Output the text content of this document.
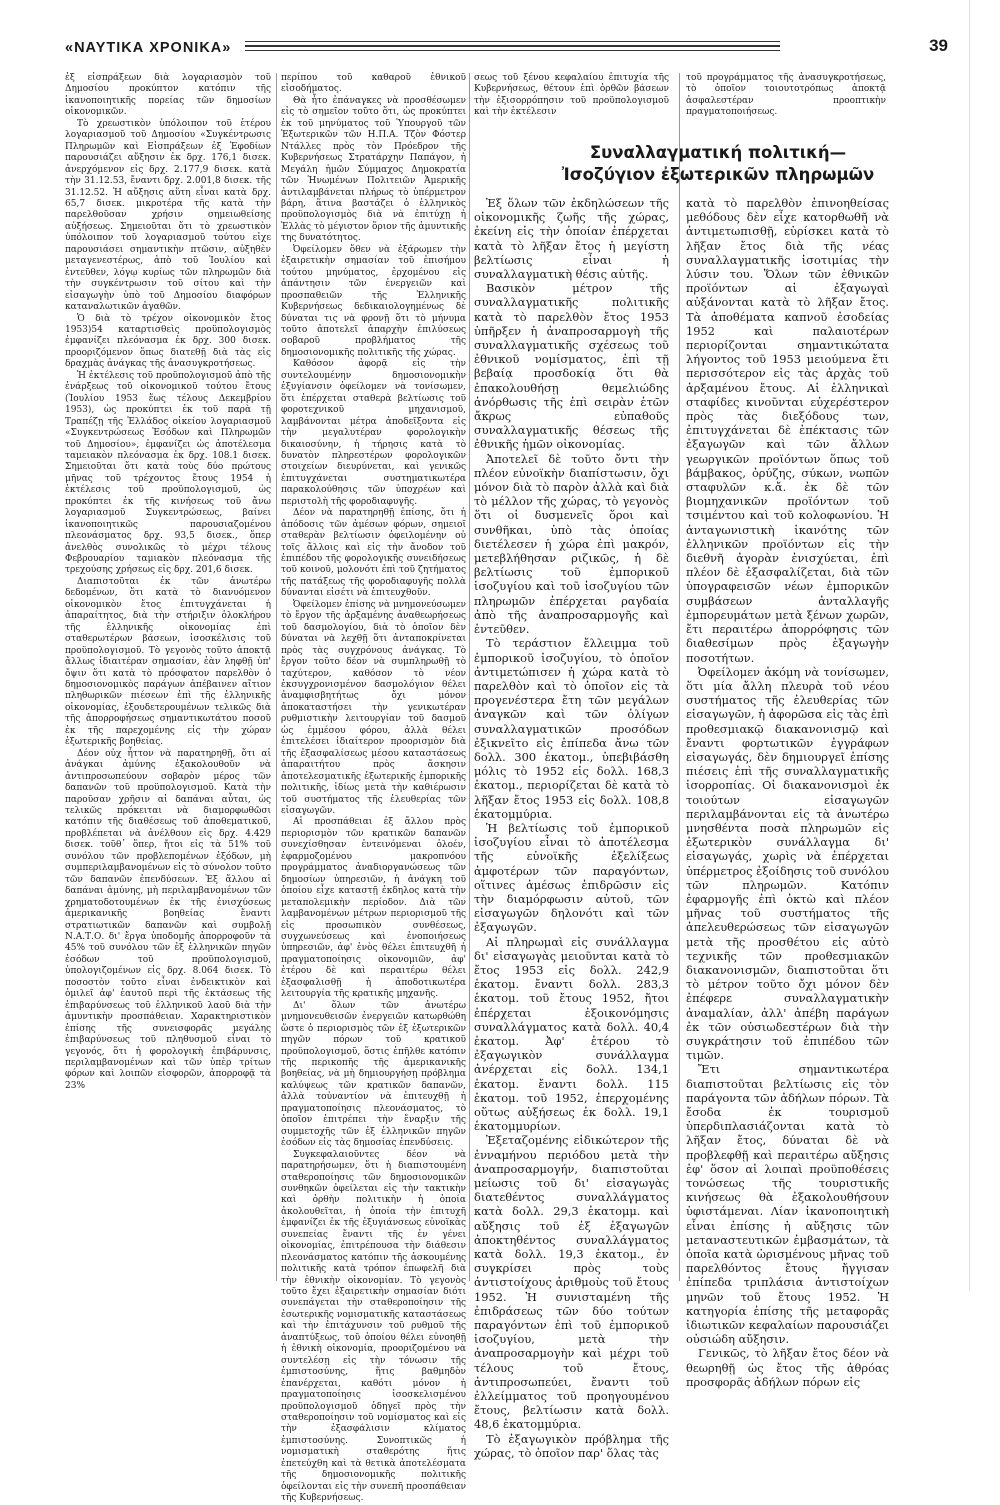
«ΝΑΥΤΙΚΑ ΧΡΟΝΙΚΑ»	39

ἐξ εἰσπράξεων διὰ λογαριασμὸν τοῦ Δημοσίου προκύπτον κατόπιν τῆς ἱκανοποιητικῆς πορείας τῶν δημοσίων οἰκονομικῶν.

Τὸ χρεωστικὸν ὑπόλοιπον τοῦ ἑτέρου λογαριασμοῦ τοῦ Δημοσίου «Συγκέντρωσις Πληρωμῶν καὶ Εἰσπράξεων ἐξ Ἐφοδίων παρουσιάζει αὔξησιν ἐκ δρχ. 176,1 δισεκ. ἀνερχόμενον εἰς δρχ. 2.177,9 δισεκ. κατὰ τὴν 31.12.53, ἔναντι δρχ. 2.001,8 δισεκ. τῆς 31.12.52. Ἡ αὔξησις αὕτη εἶναι κατὰ δρχ. 65,7 δισεκ. μικροτέρα τῆς κατὰ τὴν παρελθοῦσαν χρήσιν σημειωθείσης αὐξήσεως. Σημειοῦται ὅτι τὸ χρεωστικὸν ὑπόλοιπον τοῦ λογαριασμοῦ τούτου εἰχε παρουσιάσει σημαντικὴν πτῶσιν, αὐξηθὲν μεταγενεστέρως, ἀπὸ τοῦ Ἰουλίου καὶ ἐντεῦθεν, λόγῳ κυρίως τῶν πληρωμῶν διὰ τὴν συγκέντρωσιν τοῦ σίτου καὶ τὴν εἰσαγωγὴν ὑπὸ τοῦ Δημοσίου διαφόρων καταναλωτικῶν ἀγαθῶν.

Ὁ διὰ τὸ τρέχον οἰκονομικὸν ἔτος 1953)54 καταρτισθεὶς προϋπολογισμὸς ἐμφανίζει πλεόνασμα ἐκ δρχ. 300 δισεκ. προοριζόμενον ὅπως διατεθῇ διὰ τὰς εἰς δραχμὰς ἀνάγκας τῆς ἀνασυγκροτήσεως.

Ἡ ἐκτέλεσις τοῦ προϋπολογισμοῦ ἀπὸ τῆς ἐνάρξεως τοῦ οἰκονομικοῦ τούτου ἔτους (Ἰουλίου 1953 ἕως τέλους Δεκεμβρίου 1953), ὡς προκύπτει ἐκ τοῦ παρὰ τῇ Τραπέζῃ τῆς Ἑλλάδος οἰκείου λογαριασμοῦ «Συγκεντρώσεως Ἐσόδων καὶ Πληρωμῶν τοῦ Δημοσίου», ἐμφανίζει ὡς ἀποτέλεσμα ταμειακὸν πλεόνασμα ἐκ δρχ. 108.1 δισεκ. Σημειοῦται ὅτι κατὰ τοὺς δύο πρώτους μῆνας τοῦ τρέχοντος ἔτους 1954 ἡ ἐκτέλεσις τοῦ προϋπολογισμοῦ, ὡς προκύπτει ἐκ τῆς κινήσεως τοῦ ἄνω λογαριασμοῦ Συγκεντρώσεως, βαίνει ἱκανοποιητικῶς παρουσιαζομένου πλεονάσματος δρχ. 93,5 δισεκ., ὅπερ ἀνελθὸς συνολικῶς τὸ μέχρι τέλους Φεβρουαρίου ταμιακὸν πλεόνασμα τῆς τρεχούσης χρήσεως εἰς δρχ. 201,6 δισεκ.

Διαπιστοῦται ἐκ τῶν ἀνωτέρω δεδομένων, ὅτι κατὰ τὸ διανυόμενον οἰκονομικὸν ἔτος ἐπιτυγχάνεται ἡ ἀπαραίτητος, διὰ τὴν στήριξιν ὁλοκλήρου τῆς ἑλληνικῆς οἰκονομίας ἐπὶ σταθερωτέρων βάσεων, ἰσοσκέλισις τοῦ προϋπολογισμοῦ. Τὸ γεγονὸς τοῦτο ἀποκτᾷ ἄλλως ἰδιαιτέραν σημασίαν, ἐὰν ληφθῇ ὑπ' ὄψιν ὅτι κατὰ τὸ πρόσφατον παρελθὸν ὁ δημοσιονομικὸς παράγων ἀπέβαινεν αἴτιον πληθωρικῶν πιέσεων ἐπὶ τῆς ἑλληνικῆς οἰκονομίας, ἐξουδετερουμένων τελικῶς διὰ τῆς ἀπορροφήσεως σημαντικωτάτου ποσοῦ ἐκ τῆς παρεχομένης εἰς τὴν χώραν ἐξωτερικῆς βοηθείας.

Δέον οὐχ ἧττον νὰ παρατηρηθῇ, ὅτι αἱ ἀνάγκαι ἀμύνης ἐξακολουθοῦν νὰ ἀντιπροσωπεύουν σοβαρὸν μέρος τῶν δαπανῶν τοῦ προϋπολογισμοῦ. Κατὰ τὴν παροῦσαν χρῆσιν αἱ δαπάναι αὗται, ὡς τελικῶς πρόκειται νὰ διαμορφωθῶσι κατόπιν τῆς διαθέσεως τοῦ ἀποθεματικοῦ, προβλέπεται νὰ ἀνέλθουν εἰς δρχ. 4.429 δισεκ. τοῦθ᾽ ὅπερ, ἤτοι εἰς τὰ 51% τοῦ συνόλου τῶν προβλεπομένων ἐξόδων, μὴ συμπεριλαμβανομένων εἰς τὸ σύνολον τοῦτο τῶν δαπανῶν ἐπενδύσεων. Ἐξ ἄλλου αἱ δαπάναι ἀμύνης, μὴ περιλαμβανομένων τῶν χρηματοδοτουμένων ἐκ τῆς ἐνισχύσεως ἀμερικανικῆς βοηθείας ἔναντι στρατιωτικῶν δαπανῶν καὶ συμβολῇ Ν.Α.Τ.Ο. δι' ἔργα ὑποδομῆς ἀπορροφοῦν τὰ 45% τοῦ συνόλου τῶν ἐξ ἑλληνικῶν πηγῶν ἐσόδων τοῦ προϋπολογισμοῦ, ὑπολογιζομένων εἰς δρχ. 8.064 δισεκ. Τὸ ποσοστὸν τοῦτο εἶναι ἐνδεικτικὸν καὶ ὁμιλεῖ ἀφ' ἑαυτοῦ περὶ τῆς ἐκτάσεως τῆς ἐπιβαρύνσεως τοῦ ἑλληνικοῦ λαοῦ διὰ τὴν ἀμυντικὴν προσπάθειαν. Χαρακτηριστικὸν ἐπίσης τῆς συνεισφορᾶς μεγάλης ἐπιβαρύνσεως τοῦ πληθυσμοῦ εἶναι τὸ γεγονός, ὅτι ἡ φορολογικὴ ἐπιβάρυνσις, περιλαμβανομένων καὶ τῶν ὑπὲρ τρίτων φόρων καὶ λοιπῶν εἰσφορῶν, ἀπορροφᾷ τὰ 23%

περίπου τοῦ καθαροῦ ἐθνικοῦ εἰσοδήματος.

Θὰ ἦτο ἐπάναγκες νὰ προσθέσωμεν εἰς τὸ σημεῖον τοῦτο ὅτι, ὡς προκύπτει ἐκ τοῦ μηνύματος τοῦ Ὑπουργοῦ τῶν Ἐξωτερικῶν τῶν Η.Π.Α. Τζὸν Φόστερ Ντάλλες πρὸς τὸν Πρόεδρον τῆς Κυβερνήσεως Στρατάρχην Παπάγον, ἡ Μεγάλη ἡμῶν Σύμμαχος Δημοκρατία τῶν Ἡνωμένων Πολιτειῶν Ἀμερικῆς ἀντιλαμβάνεται πλήρως τὸ ὑπέρμετρον βάρη, ἅτινα βαστάζει ὁ ἑλληνικὸς προϋπολογισμὸς διὰ νὰ ἐπιτύχῃ ἡ Ἑλλὰς τὸ μέγιστον ὅριον τῆς ἀμυντικῆς της δυνατότητος.

Ὀφείλομεν ὅθεν νὰ ἐξάρωμεν τὴν ἐξαιρετικὴν σημασίαν τοῦ ἐπισήμου τούτου μηνύματος, ἐρχομένου εἰς ἀπάντησιν τῶν ἐνεργειῶν καὶ προσπαθειῶν τῆς Ἑλληνικῆς Κυβερνήσεως δεδικαιολογημένως δὲ δύναται τις νὰ φρονῇ ὅτι τὸ μήνυμα τοῦτο ἀποτελεῖ ἀπαρχὴν ἐπιλύσεως σοβαροῦ προβλήματος τῆς δημοσιονομικῆς πολιτικῆς τῆς χώρας.

Καθόσον ἀφορᾷ εἰς τὴν συντελουμένην δημοσιονομικὴν ἐξυγίανσιν ὀφείλομεν νὰ τονίσωμεν, ὅτι ἐπέρχεται σταθερὰ βελτίωσις τοῦ φοροτεχνικοῦ μηχανισμοῦ, λαμβάνονται μέτρα ἀποδεῖξοντα εἰς τὴν μεγαλυτέραν φορολογικὴν δικαιοσύνην, ἡ τήρησις κατὰ τὸ δυνατὸν πληρεστέρων φορολογικῶν στοιχείων διευρύνεται, καὶ γενικῶς ἐπιτυγχάνεται συστηματικωτέρα παρακολούθησις τῶν ὑποχρέων καὶ περιστολὴ τῆς φοροδιαφυγῆς.

Δέον νὰ παρατηρηθῇ ἐπίσης, ὅτι ἡ ἀπόδοσις τῶν ἀμέσων φόρων, σημειοῖ σταθερὰν βελτίωσιν ὀφειλομένην οὐ τοῖς ἄλλοις καὶ εἰς τὴν ἄνοδον τοῦ ἐπιπέδου τῆς φορολογικῆς συνειδήσεως τοῦ κοινοῦ, μολονότι ἐπὶ τοῦ ζητήματος τῆς πατάξεως τῆς φοροδιαφυγῆς πολλὰ δύνανται εἰσέτι νὰ ἐπιτευχθοῦν.

Ὀφείλομεν ἐπίσης νὰ μνημονεύσωμεν τὸ ἔργον τῆς ἀρξαμένης ἀναθεωρήσεως τοῦ δασμολογίου, διὰ τὸ ὁποῖον δὲν δύναται νὰ λεχθῇ ὅτι ἀνταποκρίνεται πρὸς τὰς συγχρόνους ἀνάγκας. Τὸ ἔργον τοῦτο δέον νὰ συμπληρωθῇ τὸ ταχύτερον, καθόσον τὸ νέον ἐκσυγχρονισμένον δασμολόγιον θέλει ἀναμφισβητήτως ὄχι μόνον ἀποκαταστήσει τὴν γενικωτέραν ρυθμιστικὴν λειτουργίαν τοῦ δασμοῦ ὡς ἐμμέσου φόρου, ἀλλὰ θέλει ἐπιτελέσει ἰδιαίτερον προορισμὸν διὰ τῆς ἐξασφαλίσεως μέσου καταστάσεως ἀπαραιτήτου πρὸς ἄσκησιν ἀποτελεσματικῆς ἐξωτερικῆς ἐμπορικῆς πολιτικῆς, ἰδίως μετὰ τὴν καθιέρωσιν τοῦ συστήματος τῆς ἐλευθερίας τῶν εἰσαγωγῶν.

Αἱ προσπάθειαι ἐξ ἄλλου πρὸς περιορισμὸν τῶν κρατικῶν δαπανῶν συνεχίσθησαν ἐντεινόμεναι ὁλοέν, ἐφαρμοζομένου μακροπνόου προγράμματος ἀναδιοργανώσεως τῶν δημοσίων ὑπηρεσιῶν, ἡ ἀνάγκη τοῦ ὁποίου εἶχε καταστῇ ἐκδηλος κατὰ τὴν μεταπολεμικὴν περίοδον. Διὰ τῶν λαμβανομένων μέτρων περιορισμοῦ τῆς εἰς προσωπικὸν συνθέσεως, συγχωνεύσεως καὶ ἑνοποιήσεως ὑπηρεσιῶν, ἀφ' ἑνὸς θέλει ἐπιτευχθῆ ἡ πραγματοποίησις οἰκονομιῶν, ἀφ' ἑτέρου δὲ καὶ περαιτέρω θέλει ἐξασφαλισθῇ ἡ ἀποδοτικωτέρα λειτουργία τῆς κρατικῆς μηχανῆς.

Δι' ὅλων τῶν ἀνωτέρω μνημονευθεισῶν ἐνεργειῶν κατωρθώθη ὥστε ὁ περιορισμὸς τῶν ἐξ ἐξωτερικῶν πηγῶν πόρων τοῦ κρατικοῦ προϋπολογισμοῦ, ὅστις ἐπῆλθε κατόπιν τῆς περικοπῆς τῆς ἀμερικανικῆς βοηθείας, νὰ μὴ δημιουργήσῃ πρόβλημα καλύψεως τῶν κρατικῶν δαπανῶν, ἀλλὰ τοὐναντίον νὰ ἐπιτευχθῇ ἡ πραγματοποίησις πλεονάσματος, τὸ ὁποῖον ἐπιτρέπει τὴν ἔναρξιν τῆς συμμετοχῆς τῶν ἐξ ἑλληνικῶν πηγῶν ἐσόδων εἰς τὰς δημοσίας ἐπενδύσεις.

Συγκεφαλαιοῦντες δέον νὰ παρατηρήσωμεν, ὅτι ἡ διαπιστουμένη σταθεροποίησις τῶν δημοσιονομικῶν συνθηκῶν ὀφείλεται εἰς τὴν τακτικὴν καὶ ὀρθὴν πολιτικὴν ἡ ὁποία ἀκολουθεῖται, ἡ ὁποία τὴν ἐπιτυχῆ ἐμφανίζει ἐκ τῆς ἐξυγιάνσεως εὐνοϊκὰς συνεπείας ἔναντι τῆς ἐν γένει οἰκονομίας, ἐπιτρέπουσα τὴν διάθεσιν πλεονάσματος κατόπιν τῆς ἀσκουμένης πολιτικῆς κατὰ τρόπον ἐπωφελῆ διὰ τὴν ἐθνικὴν οἰκονομίαν. Τὸ γεγονὸς τοῦτο ἔχει ἐξαιρετικὴν σημασίαν διότι συνεπάγεται τὴν σταθεροποίησιν τῆς ἐσωτερικῆς νομισματικῆς καταστάσεως καὶ τὴν ἐπιτάχυνσιν τοῦ ρυθμοῦ τῆς ἀναπτύξεως, τοῦ ὁποίου θέλει εὐνοηθῇ ἡ ἐθνικὴ οἰκονομία, προοριζομένου νὰ συντελέσῃ εἰς τὴν τόνωσιν τῆς ἐμπιστοσύνης, ἥτις βαθμηδὸν ἐπανέρχεται, καθότι μόνον ἡ πραγματοποίησις ἰσοσκελισμένου προϋπολογισμοῦ ὁδηγεῖ πρὸς τὴν σταθεροποίησιν τοῦ νομίσματος καὶ εἰς τὴν ἐξασφάλισιν κλίματος ἐμπιστοσύνης. Συνοπτικῶς ἡ νομισματικὴ σταθερότης ἥτις ἐπετεύχθη καὶ τὰ θετικὰ ἀποτελέσματα τῆς δημοσιονομικῆς πολιτικῆς ὀφείλονται εἰς τὴν συνεπῆ προσπάθειαν τῆς Κυβερνήσεως.

σεως τοῦ ξένου κεφαλαίου ἐπιτυχία τῆς Κυβερνήσεως, θέτουν ἐπὶ ὀρθῶν βάσεων τὴν ἐξισορρόπησιν τοῦ προϋπολογισμοῦ καὶ τὴν ἐκτέλεσιν
τοῦ προγράμματος τῆς ἀνασυγκροτήσεως, τὸ ὁποῖον τοιουτοτρόπως ἀποκτᾷ ἀσφαλεστέραν προοπτικὴν πραγματοποιήσεως.
Συναλλαγματική πολιτική—
Ἰσοζύγιον ἐξωτερικῶν πληρωμῶν

Ἐξ ὅλων τῶν ἐκδηλώσεων τῆς οἰκονομικῆς ζωῆς τῆς χώρας, ἐκείνη εἰς τὴν ὁποίαν ἐπέρχεται κατὰ τὸ λῆξαν ἔτος ἡ μεγίστη βελτίωσις εἶναι ἡ συναλλαγματικὴ θέσις αὐτῆς.

Βασικὸν μέτρον τῆς συναλλαγματικῆς πολιτικῆς κατὰ τὸ παρελθὸν ἔτος 1953 ὑπῆρξεν ἡ ἀναπροσαρμογὴ τῆς συναλλαγματικῆς σχέσεως τοῦ ἐθνικοῦ νομίσματος, ἐπὶ τῇ βεβαίᾳ προσδοκίᾳ ὅτι θὰ ἐπακολουθήσῃ θεμελιώδης ἀνόρθωσις τῆς ἐπὶ σειρὰν ἐτῶν ἄκρως εὐπαθοῦς συναλλαγματικῆς θέσεως τῆς ἐθνικῆς ἡμῶν οἰκονομίας.

Ἀποτελεῖ δὲ τοῦτο ὄντι τὴν πλέον εὐνοϊκὴν διαπίστωσιν, ὄχι μόνον διὰ τὸ παρὸν ἀλλὰ καὶ διὰ τὸ μέλλον τῆς χώρας, τὸ γεγονὸς ὅτι οἱ δυσμενεῖς ὅροι καὶ συνθῆκαι, ὑπὸ τὰς ὁποίας διετέλεσεν ἡ χώρα ἐπὶ μακρόν, μετεβλήθησαν ριζικῶς, ἡ δὲ βελτίωσις τοῦ ἐμπορικοῦ ἰσοζυγίου καὶ τοῦ ἰσοζυγίου τῶν πληρωμῶν ἐπέρχεται ραγδαία ἀπὸ τῆς ἀναπροσαρμογῆς καὶ ἐντεῦθεν.

Τὸ τεράστιον ἔλλειμμα τοῦ ἐμπορικοῦ ἰσοζυγίου, τὸ ὁποῖον ἀντιμετώπισεν ἡ χώρα κατὰ τὸ παρελθὸν καὶ τὸ ὁποῖον εἰς τὰ προγενέστερα ἔτη τῶν μεγάλων ἀναγκῶν καὶ τῶν ὀλίγων συναλλαγματικῶν προσόδων ἐξικνεῖτο εἰς ἐπίπεδα ἄνω τῶν δολλ. 300 ἑκατομ., ὑπεβιβάσθη μόλις τὸ 1952 εἰς δολλ. 168,3 ἑκατομ., περιορίζεται δὲ κατὰ τὸ λῆξαν ἔτος 1953 εἰς δολλ. 108,8 ἑκατομμύρια.

Ἡ βελτίωσις τοῦ ἐμπορικοῦ ἰσοζυγίου εἶναι τὸ ἀποτέλεσμα τῆς εὐνοϊκῆς ἐξελίξεως ἀμφοτέρων τῶν παραγόντων, οἵτινες ἀμέσως ἐπιδρῶσιν εἰς τὴν διαμόρφωσιν αὐτοῦ, τῶν εἰσαγωγῶν δηλονότι καὶ τῶν ἐξαγωγῶν.

Αἱ πληρωμαὶ εἰς συνάλλαγμα δι' εἰσαγωγὰς μειοῦνται κατὰ τὸ ἔτος 1953 εἰς δολλ. 242,9 ἑκατομ. ἔναντι δολλ. 283,3 ἑκατομ. τοῦ ἔτους 1952, ἤτοι ἐπέρχεται ἐξοικονόμησις συναλλάγματος κατὰ δολλ. 40,4 ἑκατομ. Ἀφ' ἑτέρου τὸ ἐξαγωγικὸν συνάλλαγμα ἀνέρχεται εἰς δολλ. 134,1 ἑκατομ. ἔναντι δολλ. 115 ἑκατομ. τοῦ 1952, ἐπερχομένης οὕτως αὐξήσεως ἐκ δολλ. 19,1 ἑκατομμυρίων.

Ἐξεταζομένης εἰδικώτερον τῆς ἐνναμήνου περιόδου μετὰ τὴν ἀναπροσαρμογήν, διαπιστοῦται μείωσις τοῦ δι' εἰσαγωγὰς διατεθέντος συναλλάγματος κατὰ δολλ. 29,3 ἑκατομμ. καὶ αὔξησις τοῦ ἐξ ἐξαγωγῶν ἀποκτηθέντος συναλλάγματος κατὰ δολλ. 19,3 ἑκατομ., ἐν συγκρίσει πρὸς τοὺς ἀντιστοίχους ἀριθμοὺς τοῦ ἔτους 1952. Ἡ συνισταμένη τῆς ἐπιδράσεως τῶν δύο τούτων παραγόντων ἐπὶ τοῦ ἐμπορικοῦ ἰσοζυγίου, μετὰ τὴν ἀναπροσαρμογὴν καὶ μέχρι τοῦ τέλους τοῦ ἔτους, ἀντιπροσωπεύει, ἔναντι τοῦ ἐλλείμματος τοῦ προηγουμένου ἔτους, βελτίωσιν κατὰ δολλ. 48,6 ἑκατομμύρια.

Τὸ ἐξαγωγικὸν πρόβλημα τῆς χώρας, τὸ ὁποῖον παρ' ὅλας τὰς

κατὰ τὸ παρελθὸν ἐπινοηθείσας μεθόδους δὲν εἶχε κατορθωθῆ νὰ ἀντιμετωπισθῇ, εὑρίσκει κατὰ τὸ λῆξαν ἔτος διὰ τῆς νέας συναλλαγματικῆς ἰσοτιμίας τὴν λύσιν του. Ὅλων τῶν ἐθνικῶν προϊόντων αἱ ἐξαγωγαὶ αὐξάνονται κατὰ τὸ λῆξαν ἔτος. Τὰ ἀποθέματα καπνοῦ ἐσοδείας 1952 καὶ παλαιοτέρων περιορίζονται σημαντικώτατα λήγοντος τοῦ 1953 μειούμενα ἔτι περισσότερον εἰς τὰς ἀρχὰς τοῦ ἀρξαμένου ἔτους. Αἱ ἑλληνικαὶ σταφίδες κινοῦνται εὐχερέστερον πρὸς τὰς διεξόδους των, ἐπιτυγχάνεται δὲ ἐπέκτασις τῶν ἐξαγωγῶν καὶ τῶν ἄλλων γεωργικῶν προϊόντων ὅπως τοῦ βάμβακος, ὀρύζης, σύκων, νωπῶν σταφυλῶν κ.ἄ. ἐκ δὲ τῶν βιομηχανικῶν προϊόντων τοῦ τσιμέντου καὶ τοῦ κολοφωνίου. Ἡ ἀνταγωνιστικὴ ἱκανότης τῶν ἑλληνικῶν προϊόντων εἰς τὴν διεθνῆ ἀγορὰν ἐνισχύεται, ἐπὶ πλέον δὲ ἐξασφαλίζεται, διὰ τῶν ὑπογραφεισῶν νέων ἐμπορικῶν συμβάσεων ἀνταλλαγῆς ἐμπορευμάτων μετὰ ξένων χωρῶν, ἔτι περαιτέρω ἀπορρόφησις τῶν διαθεσίμων πρὸς ἐξαγωγὴν ποσοτήτων.

Ὀφείλομεν ἀκόμη νὰ τονίσωμεν, ὅτι μία ἄλλη πλευρὰ τοῦ νέου συστήματος τῆς ἐλευθερίας τῶν εἰσαγωγῶν, ἡ ἀφορῶσα εἰς τὰς ἐπὶ προθεσμιακῷ διακανονισμῷ καὶ ἔναντι φορτωτικῶν ἐγγράφων εἰσαγωγάς, δὲν δημιουργεῖ ἐπίσης πιέσεις ἐπὶ τῆς συναλλαγματικῆς ἰσορροπίας. Οἱ διακανονισμοὶ ἐκ τοιούτων εἰσαγωγῶν περιλαμβάνονται εἰς τὰ ἀνωτέρω μνησθέντα ποσὰ πληρωμῶν εἰς ἐξωτερικὸν συνάλλαγμα δι' εἰσαγωγάς, χωρὶς νὰ ἐπέρχεται ὑπέρμετρος ἐξοίδησις τοῦ συνόλου τῶν πληρωμῶν. Κατόπιν ἐφαρμογῆς ἐπὶ ὀκτὼ καὶ πλέον μῆνας τοῦ συστήματος τῆς ἀπελευθερώσεως τῶν εἰσαγωγῶν μετὰ τῆς προσθέτου εἰς αὐτὸ τεχνικῆς τῶν προθεσμιακῶν διακανονισμῶν, διαπιστοῦται ὅτι τὸ μέτρον τοῦτο ὄχι μόνον δὲν ἐπέφερε συναλλαγματικὴν ἀναμαλίαν, ἀλλ' ἀπέβη παράγων ἐκ τῶν οὐσιωδεστέρων διὰ τὴν συγκράτησιν τοῦ ἐπιπέδου τῶν τιμῶν.

Ἔτι σημαντικωτέρα διαπιστοῦται βελτίωσις εἰς τὸν παράγοντα τῶν ἀδήλων πόρων. Τὰ ἔσοδα ἐκ τουρισμοῦ ὑπερδιπλασιάζονται κατὰ τὸ λῆξαν ἔτος, δύναται δὲ νὰ προβλεφθῇ καὶ περαιτέρω αὔξησις ἐφ' ὅσον αἱ λοιπαὶ προϋποθέσεις τονώσεως τῆς τουριστικῆς κινήσεως θὰ ἐξακολουθήσουν ὑφιστάμεναι. Λίαν ἱκανοποιητικὴ εἶναι ἐπίσης ἡ αὔξησις τῶν μεταναστευτικῶν ἐμβασμάτων, τὰ ὁποῖα κατὰ ὡρισμένους μῆνας τοῦ παρελθόντος ἔτους ἤγγισαν ἐπίπεδα τριπλάσια ἀντιστοίχων μηνῶν τοῦ ἔτους 1952. Ἡ κατηγορία ἐπίσης τῆς μεταφορᾶς ἰδιωτικῶν κεφαλαίων παρουσιάζει οὐσιώδη αὔξησιν.

Γενικῶς, τὸ λῆξαν ἔτος δέον νὰ θεωρηθῇ ὡς ἔτος τῆς ἀθρόας προσφορᾶς ἀδήλων πόρων εἰς
